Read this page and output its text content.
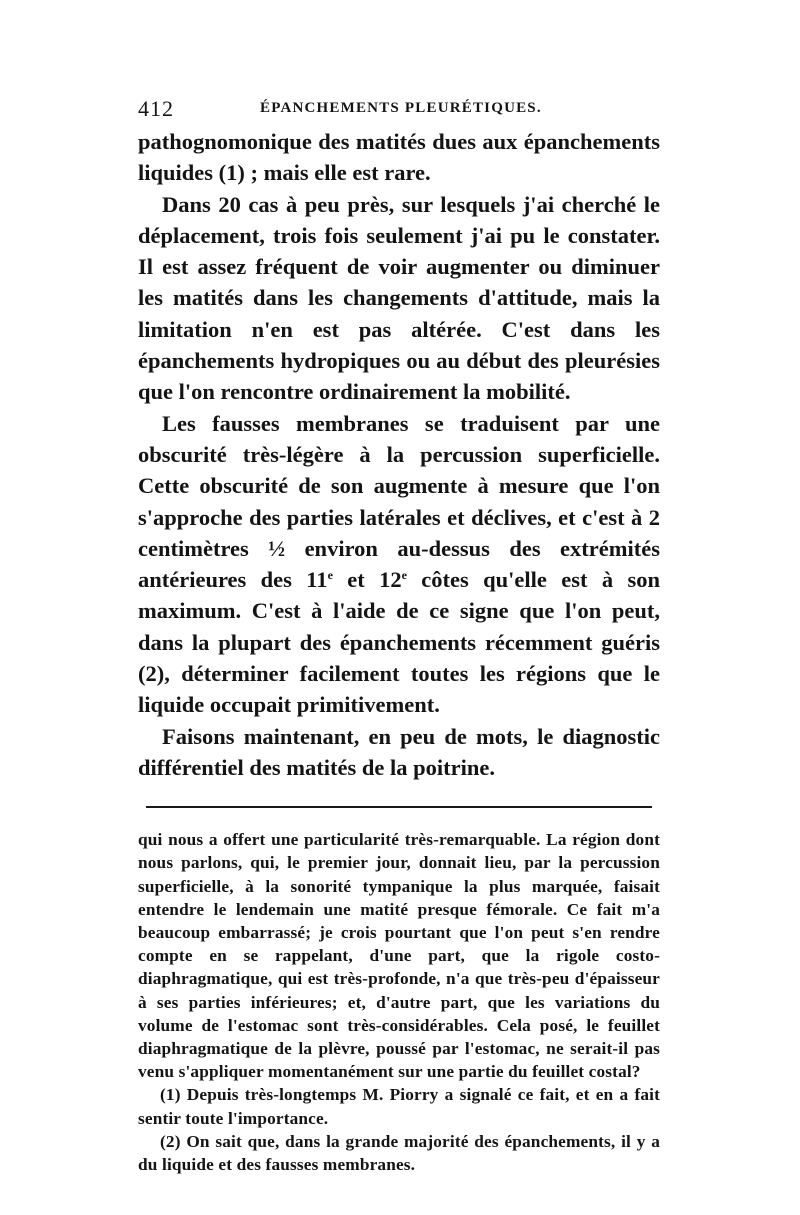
412	ÉPANCHEMENTS PLEURÉTIQUES.

pathognomonique des matités dues aux épanchements liquides (1) ; mais elle est rare.

Dans 20 cas à peu près, sur lesquels j'ai cherché le déplacement, trois fois seulement j'ai pu le constater. Il est assez fréquent de voir augmenter ou diminuer les matités dans les changements d'attitude, mais la limitation n'en est pas altérée. C'est dans les épanchements hydropiques ou au début des pleurésies que l'on rencontre ordinairement la mobilité.

Les fausses membranes se traduisent par une obscurité très-légère à la percussion superficielle. Cette obscurité de son augmente à mesure que l'on s'approche des parties latérales et déclives, et c'est à 2 centimètres ½ environ au-dessus des extrémités antérieures des 11e et 12e côtes qu'elle est à son maximum. C'est à l'aide de ce signe que l'on peut, dans la plupart des épanchements récemment guéris (2), déterminer facilement toutes les régions que le liquide occupait primitivement.

Faisons maintenant, en peu de mots, le diagnostic différentiel des matités de la poitrine.

qui nous a offert une particularité très-remarquable. La région dont nous parlons, qui, le premier jour, donnait lieu, par la percussion superficielle, à la sonorité tympanique la plus marquée, faisait entendre le lendemain une matité presque fémorale. Ce fait m'a beaucoup embarrassé; je crois pourtant que l'on peut s'en rendre compte en se rappelant, d'une part, que la rigole costo-diaphragmatique, qui est très-profonde, n'a que très-peu d'épaisseur à ses parties inférieures; et, d'autre part, que les variations du volume de l'estomac sont très-considérables. Cela posé, le feuillet diaphragmatique de la plèvre, poussé par l'estomac, ne serait-il pas venu s'appliquer momentanément sur une partie du feuillet costal?

(1) Depuis très-longtemps M. Piorry a signalé ce fait, et en a fait sentir toute l'importance.

(2) On sait que, dans la grande majorité des épanchements, il y a du liquide et des fausses membranes.
